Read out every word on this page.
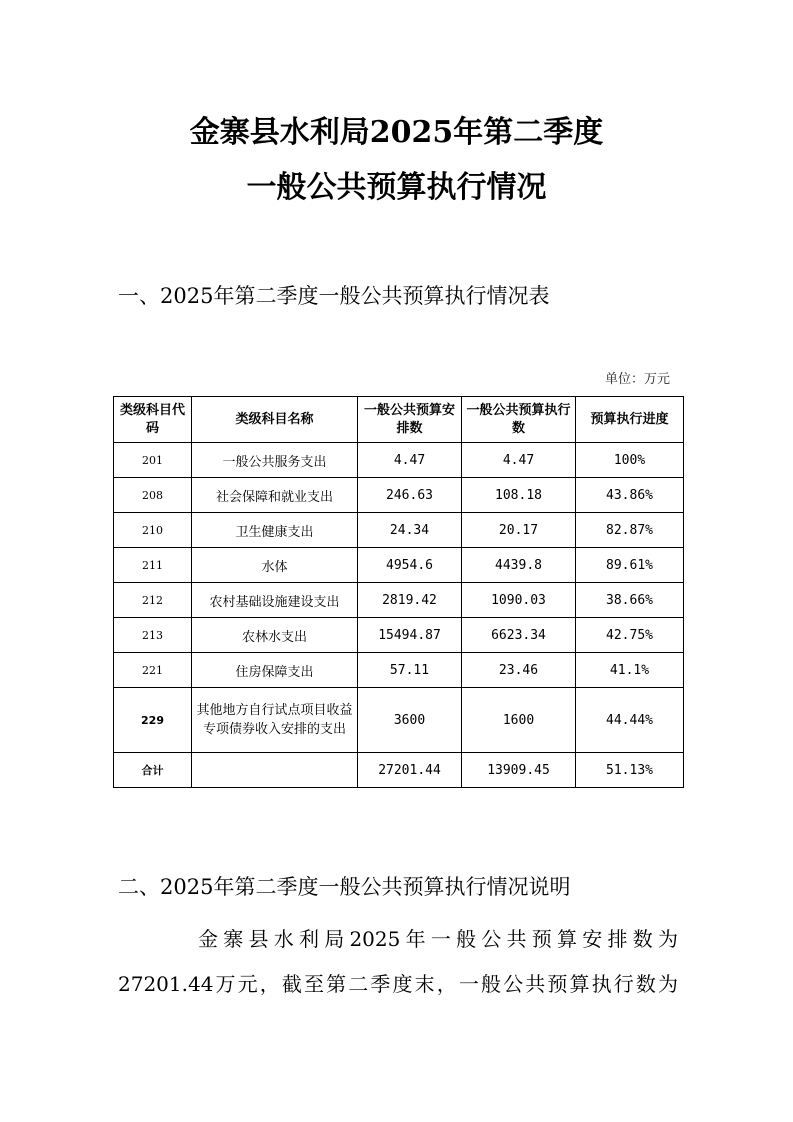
金寨县水利局2025年第二季度
一般公共预算执行情况
一、2025年第二季度一般公共预算执行情况表
单位：万元
类级科目代码	类级科目名称	一般公共预算安排数	一般公共预算执行数	预算执行进度
201	一般公共服务支出	4.47	4.47	100%
208	社会保障和就业支出	246.63	108.18	43.86%
210	卫生健康支出	24.34	20.17	82.87%
211	水体	4954.6	4439.8	89.61%
212	农村基础设施建设支出	2819.42	1090.03	38.66%
213	农林水支出	15494.87	6623.34	42.75%
221	住房保障支出	57.11	23.46	41.1%
229	其他地方自行试点项目收益专项债券收入安排的支出	3600	1600	44.44%
合计		27201.44	13909.45	51.13%
二、2025年第二季度一般公共预算执行情况说明
金寨县水利局2025年一般公共预算安排数为
27201.44万元，截至第二季度末，一般公共预算执行数为
